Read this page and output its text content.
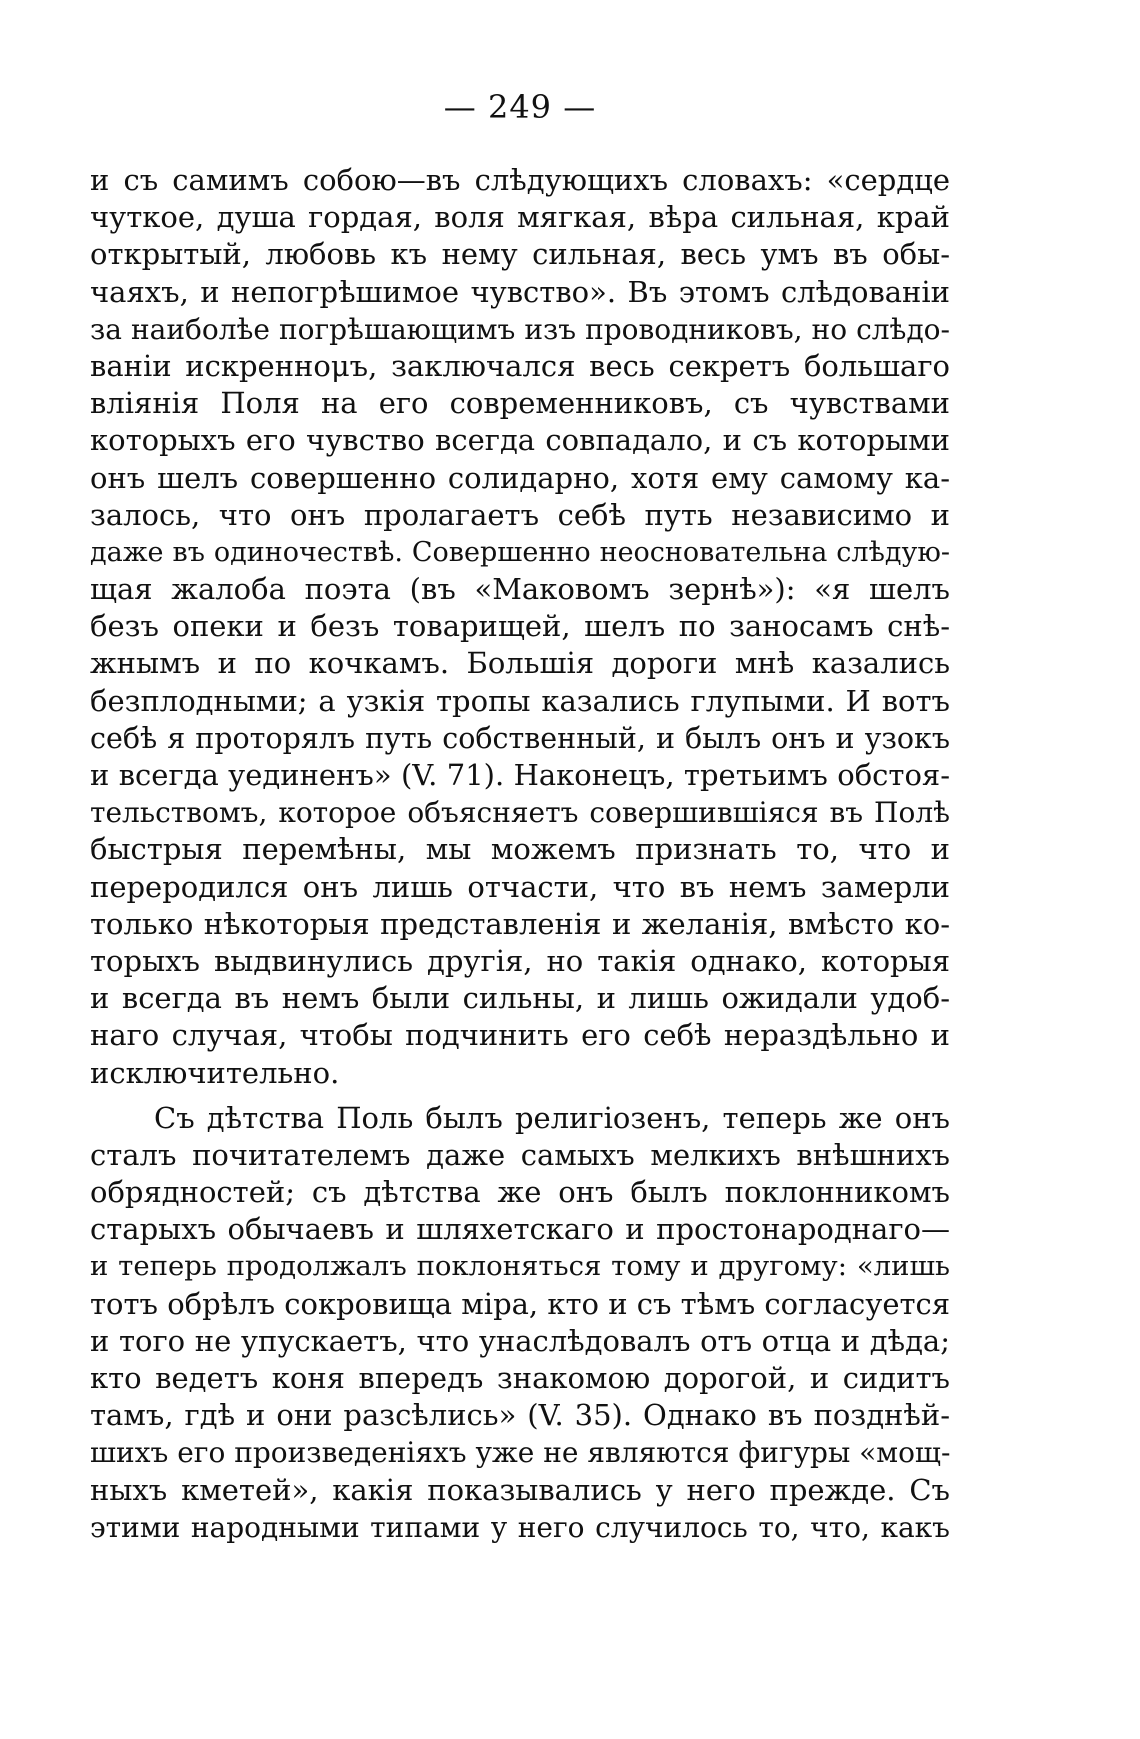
— 249 —
и съ самимъ собою—въ слѣдующихъ словахъ: «сердце
чуткое, душа гордая, воля мягкая, вѣра сильная, край
открытый, любовь къ нему сильная, весь умъ въ обы-
чаяхъ, и непогрѣшимое чувство». Въ этомъ слѣдованіи
за наиболѣе погрѣшающимъ изъ проводниковъ, но слѣдо-
ваніи искреннομъ, заключался весь секретъ большаго
вліянія Поля на его современниковъ, съ чувствами
которыхъ его чувство всегда совпадало, и съ которыми
онъ шелъ совершенно солидарно, хотя ему самому ка-
залось, что онъ пролагаетъ себѣ путь независимо и
даже въ одиночествѣ. Совершенно неосновательна слѣдую-
щая жалоба поэта (въ «Маковомъ зернѣ»): «я шелъ
безъ опеки и безъ товарищей, шелъ по заносамъ снѣ-
жнымъ и по кочкамъ. Большія дороги мнѣ казались
безплодными; а узкія тропы казались глупыми. И вотъ
себѣ я проторялъ путь собственный, и былъ онъ и узокъ
и всегда уединенъ» (V. 71). Наконецъ, третьимъ обстоя-
тельствомъ, которое объясняетъ совершившіяся въ Полѣ
быстрыя перемѣны, мы можемъ признать то, что и
переродился онъ лишь отчасти, что въ немъ замерли
только нѣкоторыя представленія и желанія, вмѣсто ко-
торыхъ выдвинулись другія, но такія однако, которыя
и всегда въ немъ были сильны, и лишь ожидали удоб-
наго случая, чтобы подчинить его себѣ нераздѣльно и
исключительно.
Съ дѣтства Поль былъ религіозенъ, теперь же онъ
сталъ почитателемъ даже самыхъ мелкихъ внѣшнихъ
обрядностей; съ дѣтства же онъ былъ поклонникомъ
старыхъ обычаевъ и шляхетскаго и простонароднаго—
и теперь продолжалъ поклоняться тому и другому: «лишь
тотъ обрѣлъ сокровища міра, кто и съ тѣмъ согласуется
и того не упускаетъ, что унаслѣдовалъ отъ отца и дѣда;
кто ведетъ коня впередъ знакомою дорогой, и сидитъ
тамъ, гдѣ и они разсѣлись» (V. 35). Однако въ позднѣй-
шихъ его произведеніяхъ уже не являются фигуры «мощ-
ныхъ кметей», какія показывались у него прежде. Съ
этими народными типами у него случилось то, что, какъ
